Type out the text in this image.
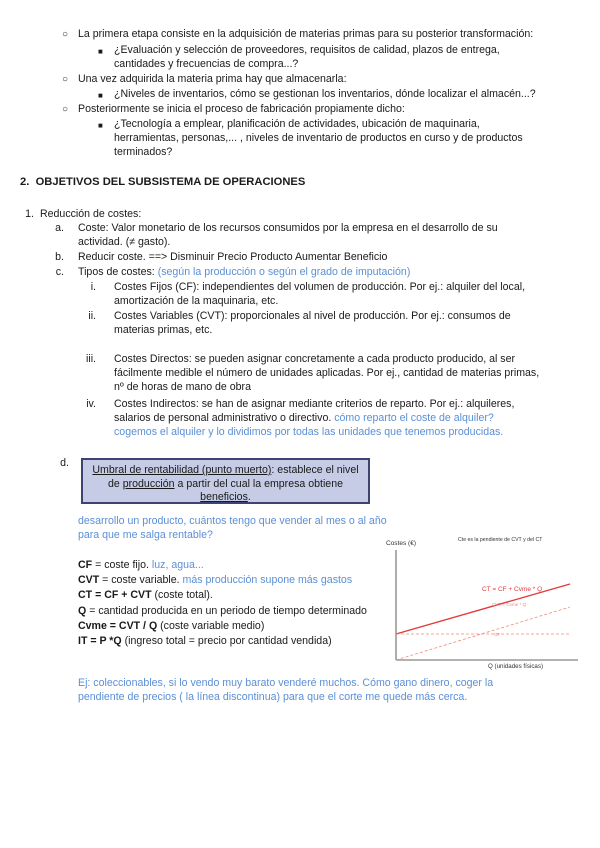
○ La primera etapa consiste en la adquisición de materias primas para su posterior transformación:
■ ¿Evaluación y selección de proveedores, requisitos de calidad, plazos de entrega,
cantidades y frecuencias de compra...?
○ Una vez adquirida la materia prima hay que almacenarla:
■ ¿Niveles de inventarios, cómo se gestionan los inventarios, dónde localizar el almacén...?
○ Posteriormente se inicia el proceso de fabricación propiamente dicho:
■ ¿Tecnología a emplear, planificación de actividades, ubicación de maquinaria,
herramientas, personas,... , niveles de inventario de productos en curso y de productos
terminados?
2. OBJETIVOS DEL SUBSISTEMA DE OPERACIONES
1. Reducción de costes:
a. Coste: Valor monetario de los recursos consumidos por la empresa en el desarrollo de su
actividad. (≠ gasto).
b. Reducir coste. ==> Disminuir Precio Producto Aumentar Beneficio
c. Tipos de costes: (según la producción o según el grado de imputación)
i. Costes Fijos (CF): independientes del volumen de producción. Por ej.: alquiler del local,
amortización de la maquinaria, etc.
ii. Costes Variables (CVT): proporcionales al nivel de producción. Por ej.: consumos de
materias primas, etc.
iii. Costes Directos: se pueden asignar concretamente a cada producto producido, al ser
fácilmente medible el número de unidades aplicadas. Por ej., cantidad de materias primas,
nº de horas de mano de obra
iv. Costes Indirectos: se han de asignar mediante criterios de reparto. Por ej.: alquileres,
salarios de personal administrativo o directivo. cómo reparto el coste de alquiler?
cogemos el alquiler y lo dividimos por todas las unidades que tenemos producidas.
d.
Umbral de rentabilidad (punto muerto): establece el nivel
de producción a partir del cual la empresa obtiene
beneficios.
desarrollo un producto, cuántos tengo que vender al mes o al año
para que me salga rentable?
CF = coste fijo. luz, agua...
CVT = coste variable. más producción supone más gastos
CT = CF + CVT (coste total).
Q = cantidad producida en un periodo de tiempo determinado
Cvme = CVT / Q (coste variable medio)
IT = P *Q (ingreso total = precio por cantidad vendida)
Costes (€)	Cte es la pendiente de CVT y del CT
CT = CF + Cvme * Q
CVT = Cvme * Q
CF
Q (unidades físicas)
Ej: coleccionables, si lo vendo muy barato venderé muchos. Cómo gano dinero, coger la
pendiente de precios ( la línea discontinua) para que el corte me quede más cerca.
